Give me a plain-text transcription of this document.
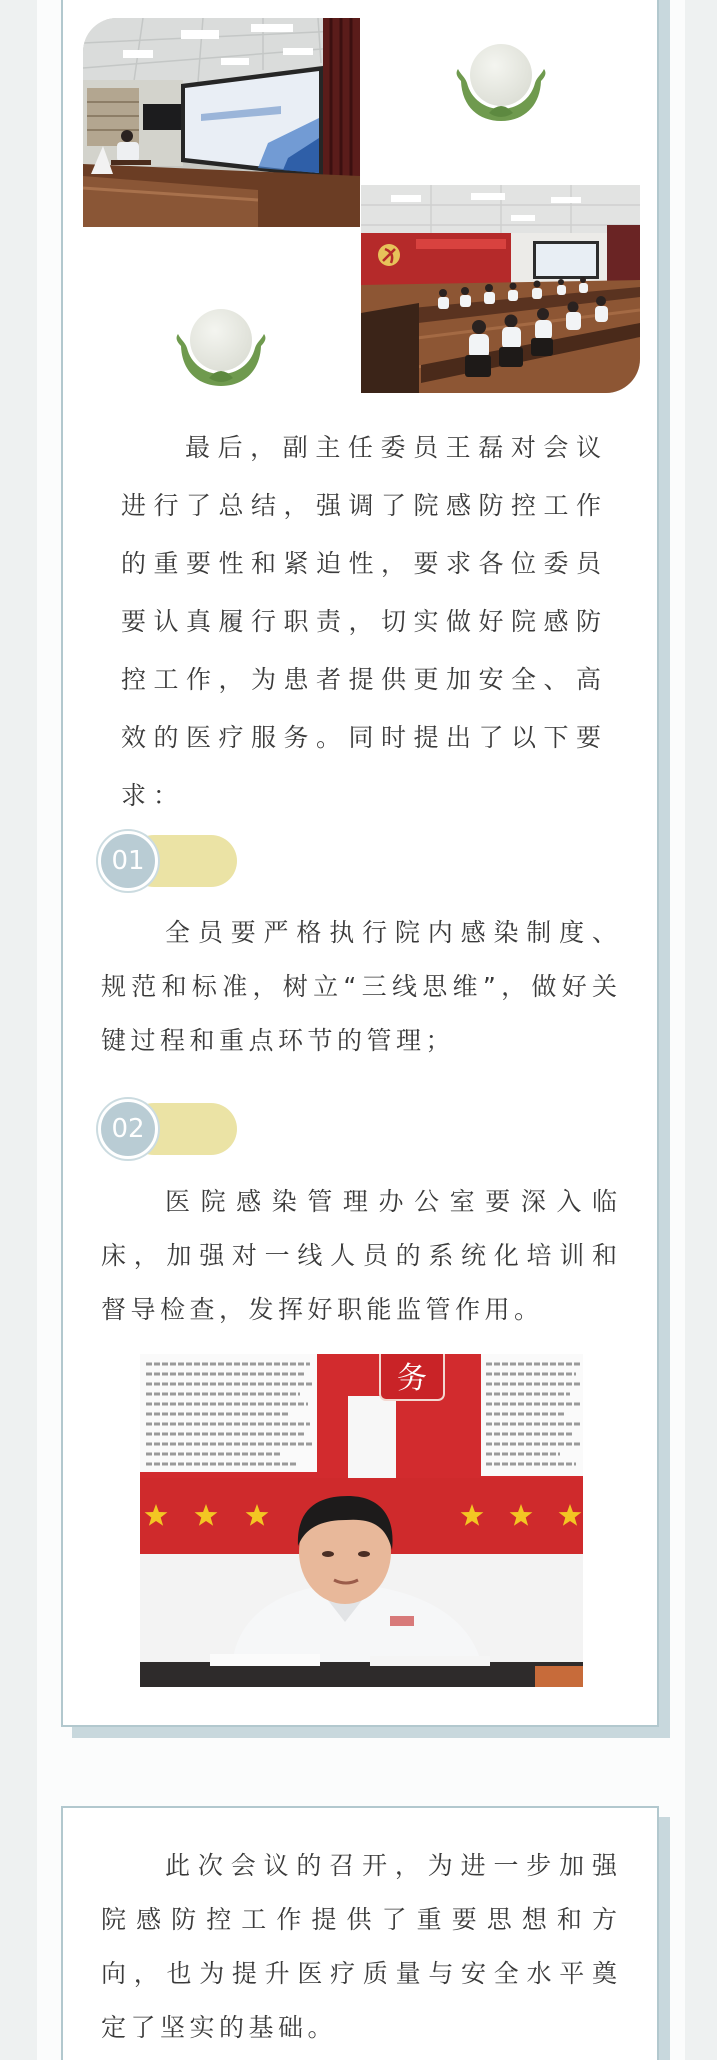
最后，副主任委员王磊对会议
进行了总结，强调了院感防控工作
的重要性和紧迫性，要求各位委员
要认真履行职责，切实做好院感防
控工作，为患者提供更加安全、高
效的医疗服务。同时提出了以下要
求：
01
全员要严格执行院内感染制度、
规范和标准，树立“三线思维”，做好关
键过程和重点环节的管理；
02
医院感染管理办公室要深入临
床，加强对一线人员的系统化培训和
督导检查，发挥好职能监管作用。
务
此次会议的召开，为进一步加强
院感防控工作提供了重要思想和方
向，也为提升医疗质量与安全水平奠
定了坚实的基础。
